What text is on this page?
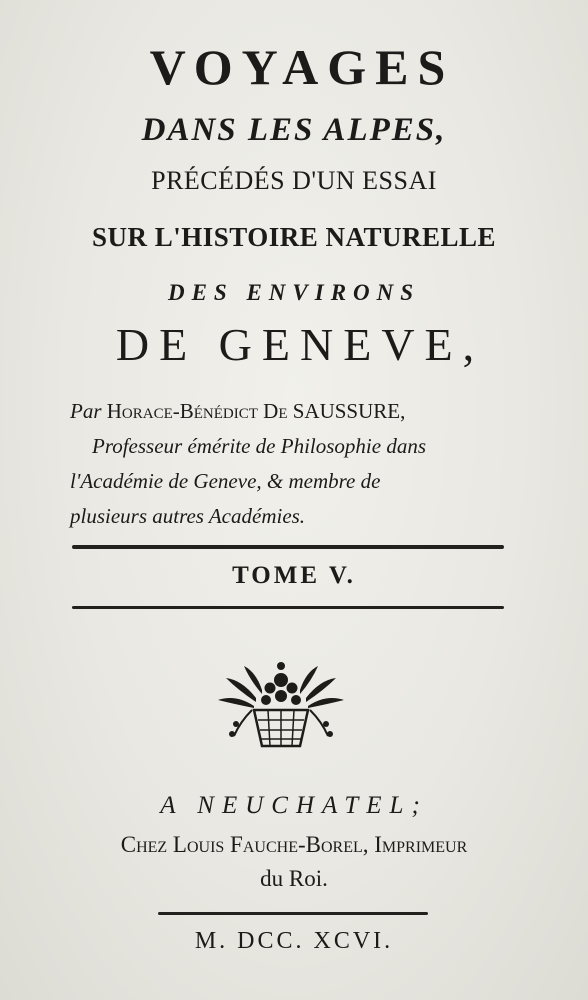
VOYAGES
DANS LES ALPES,
PRÉCÉDÉS D'UN ESSAI
SUR L'HISTOIRE NATURELLE
DES ENVIRONS
DE GENEVE,
Par Horace-Bénédict De SAUSSURE,
Professeur émérite de Philosophie dans
l'Académie de Geneve, & membre de
plusieurs autres Académies.
TOME V.
A NEUCHATEL;
Chez Louis Fauche-Borel, Imprimeur
du Roi.
M. DCC. XCVI.
